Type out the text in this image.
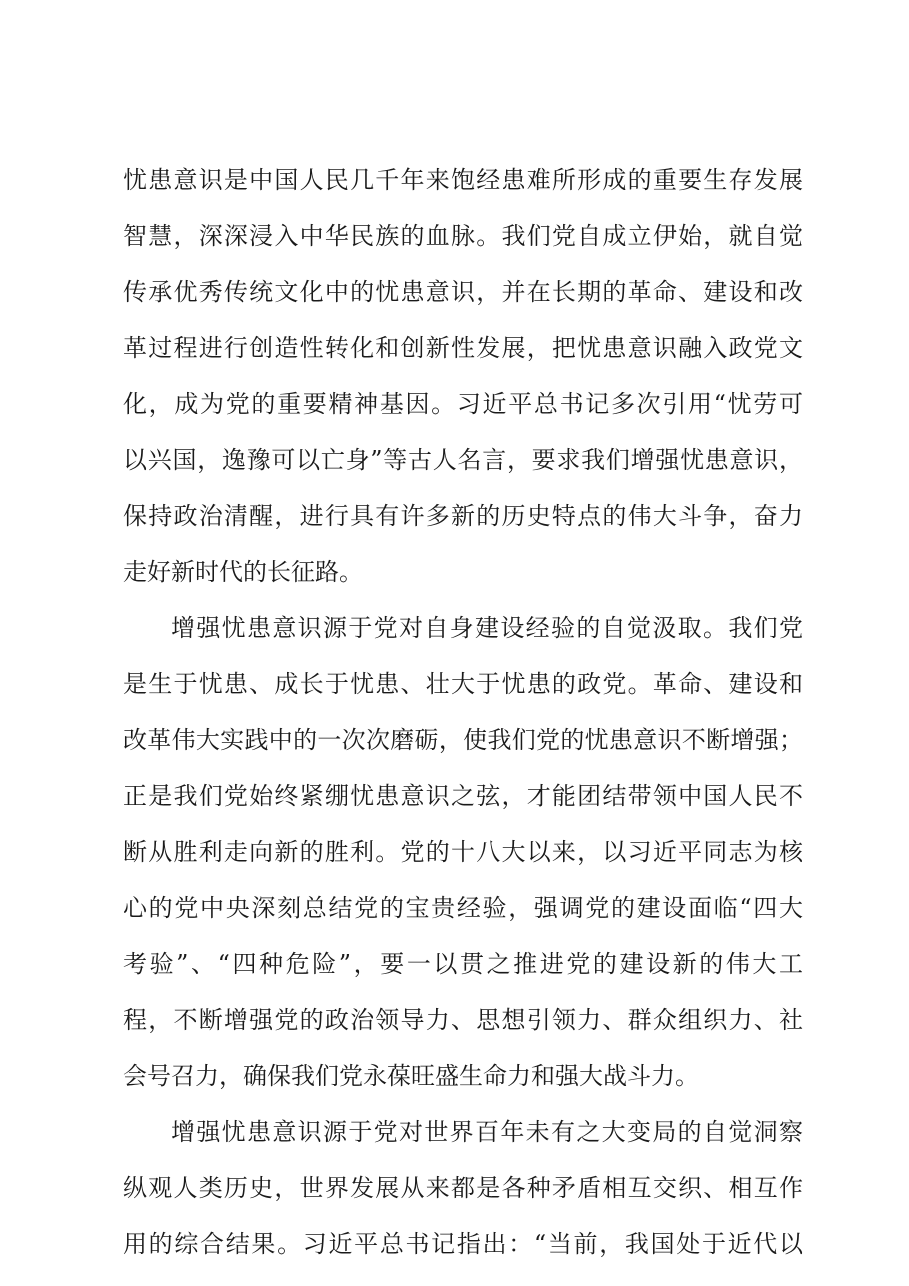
忧患意识是中国人民几千年来饱经患难所形成的重要生存发展

智慧，深深浸入中华民族的血脉。我们党自成立伊始，就自觉

传承优秀传统文化中的忧患意识，并在长期的革命、建设和改

革过程进行创造性转化和创新性发展，把忧患意识融入政党文

化，成为党的重要精神基因。习近平总书记多次引用“忧劳可

以兴国，逸豫可以亡身”等古人名言，要求我们增强忧患意识，

保持政治清醒，进行具有许多新的历史特点的伟大斗争，奋力

走好新时代的长征路。

增强忧患意识源于党对自身建设经验的自觉汲取。我们党

是生于忧患、成长于忧患、壮大于忧患的政党。革命、建设和

改革伟大实践中的一次次磨砺，使我们党的忧患意识不断增强；

正是我们党始终紧绷忧患意识之弦，才能团结带领中国人民不

断从胜利走向新的胜利。党的十八大以来，以习近平同志为核

心的党中央深刻总结党的宝贵经验，强调党的建设面临“四大

考验”、“四种危险”，要一以贯之推进党的建设新的伟大工

程，不断增强党的政治领导力、思想引领力、群众组织力、社

会号召力，确保我们党永葆旺盛生命力和强大战斗力。

增强忧患意识源于党对世界百年未有之大变局的自觉洞察

纵观人类历史，世界发展从来都是各种矛盾相互交织、相互作

用的综合结果。习近平总书记指出：“当前，我国处于近代以
